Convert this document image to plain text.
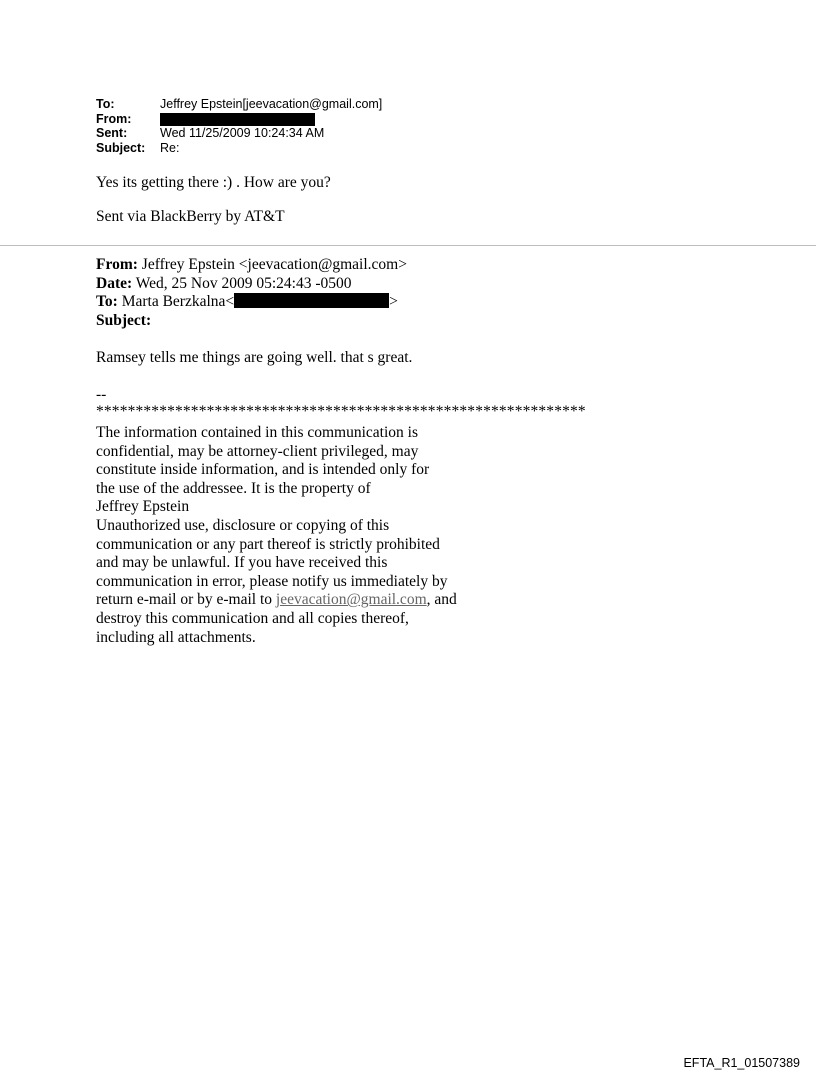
To:	Jeffrey Epstein[jeevacation@gmail.com]
From:
Sent:	Wed 11/25/2009 10:24:34 AM
Subject:	Re:
Yes its getting there :) . How are you?
Sent via BlackBerry by AT&T
From: Jeffrey Epstein <jeevacation@gmail.com>
Date: Wed, 25 Nov 2009 05:24:43 -0500
To: Marta Berzkalna<	>
Subject:
Ramsey tells me things are going well. that s great.
--
**************************************************************
The information contained in this communication is
confidential, may be attorney-client privileged, may
constitute inside information, and is intended only for
the use of the addressee. It is the property of
Jeffrey Epstein
Unauthorized use, disclosure or copying of this
communication or any part thereof is strictly prohibited
and may be unlawful. If you have received this
communication in error, please notify us immediately by
return e-mail or by e-mail to jeevacation@gmail.com, and
destroy this communication and all copies thereof,
including all attachments.
EFTA_R1_01507389
